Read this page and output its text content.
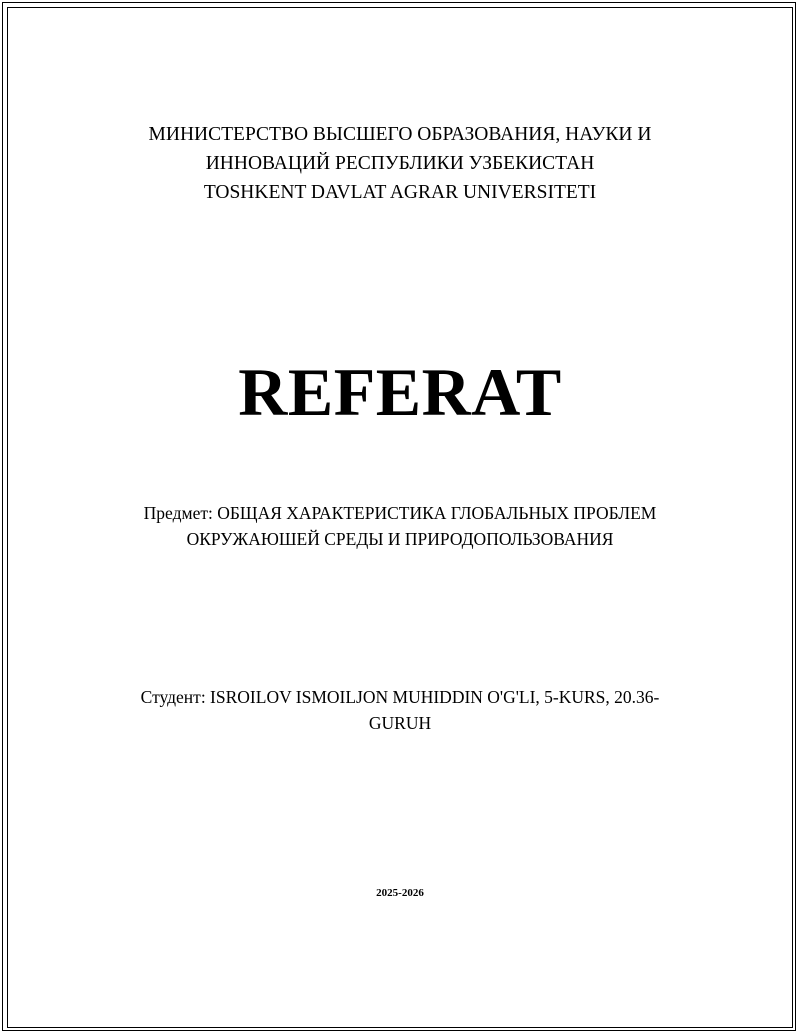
МИНИСТЕРСТВО ВЫСШЕГО ОБРАЗОВАНИЯ, НАУКИ И
ИННОВАЦИЙ РЕСПУБЛИКИ УЗБЕКИСТАН
TOSHKENT DAVLAT AGRAR UNIVERSITETI
REFERAT
Предмет: ОБЩАЯ ХАРАКТЕРИСТИКА ГЛОБАЛЬНЫХ ПРОБЛЕМ
ОКРУЖАЮШЕЙ СРЕДЫ И ПРИРОДОПОЛЬЗОВАНИЯ
Студент: ISROILOV ISMOILJON MUHIDDIN O'G'LI, 5-KURS, 20.36-
GURUH
2025-2026
